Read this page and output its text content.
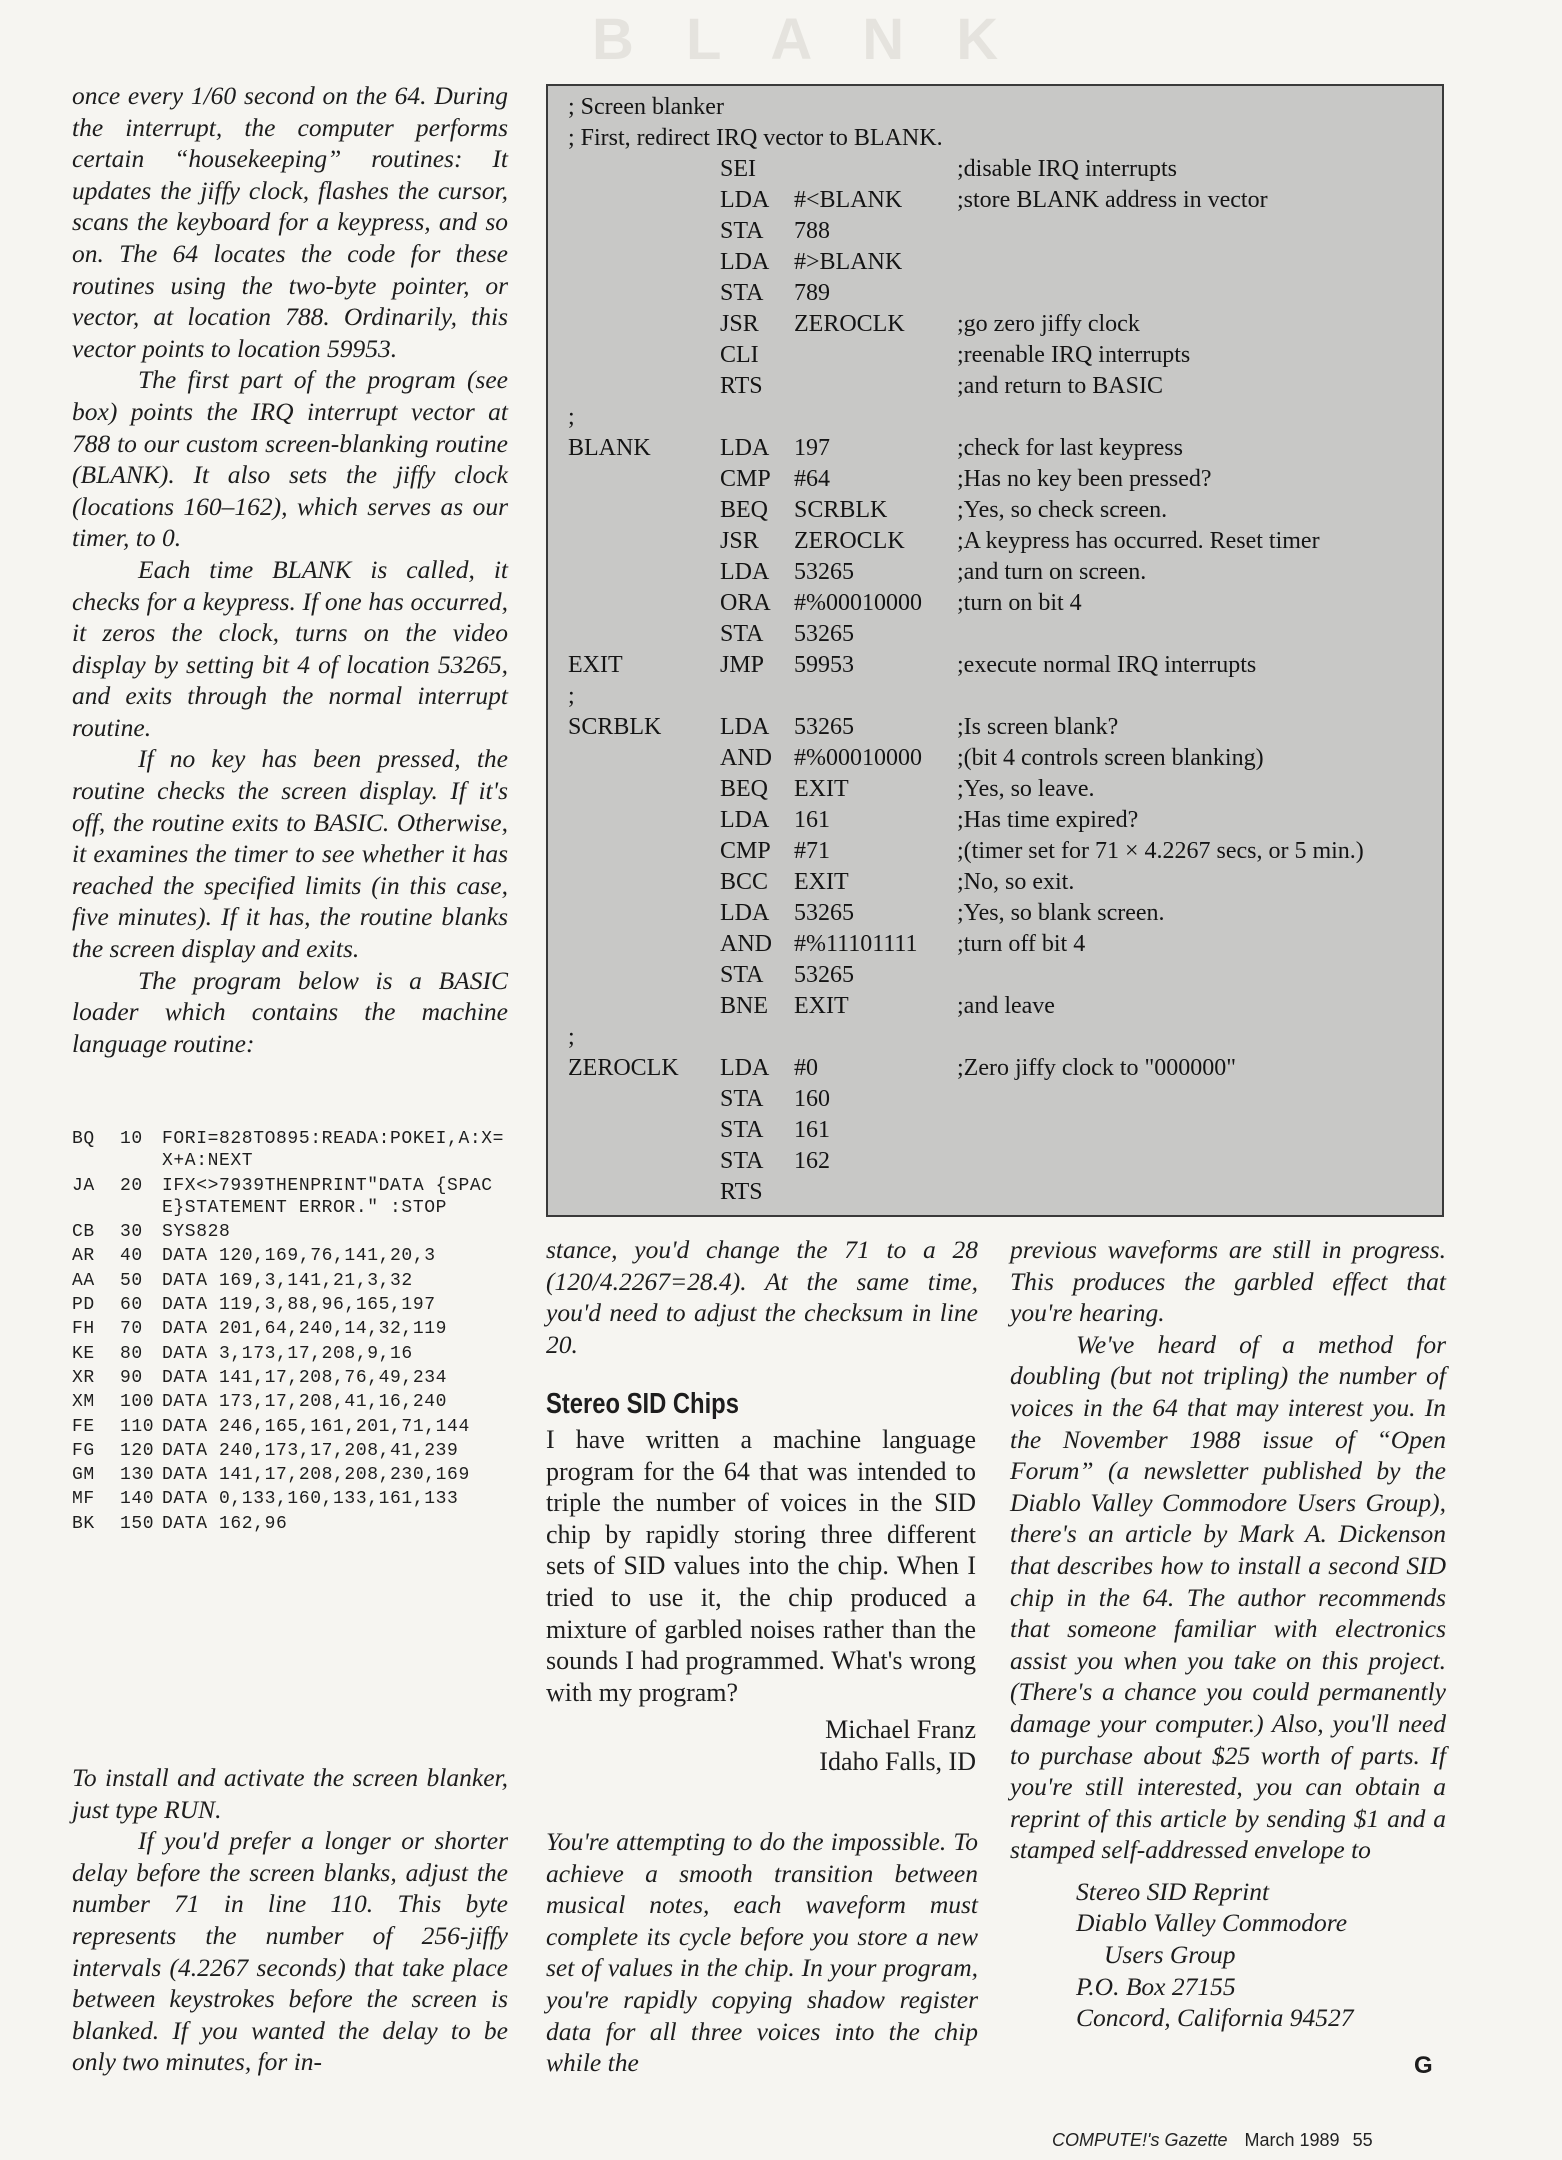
B L A N K

once every 1/60 second on the 64. During the interrupt, the computer performs certain “housekeeping” routines: It updates the jiffy clock, flashes the cursor, scans the keyboard for a keypress, and so on. The 64 locates the code for these routines using the two-byte pointer, or vector, at location 788. Ordinarily, this vector points to location 59953.

The first part of the program (see box) points the IRQ interrupt vector at 788 to our custom screen-blanking routine (BLANK). It also sets the jiffy clock (locations 160–162), which serves as our timer, to 0.

Each time BLANK is called, it checks for a keypress. If one has occurred, it zeros the clock, turns on the video display by setting bit 4 of location 53265, and exits through the normal interrupt routine.

If no key has been pressed, the routine checks the screen display. If it's off, the routine exits to BASIC. Otherwise, it examines the timer to see whether it has reached the specified limits (in this case, five minutes). If it has, the routine blanks the screen display and exits.

The program below is a BASIC loader which contains the machine language routine:

BQ	10	FORI=828TO895:READA:POKEI,A:X=X+A:NEXT
JA	20	IFX<>7939THENPRINT"DATA {SPACE}STATEMENT ERROR." :STOP
CB	30	SYS828
AR	40	DATA 120,169,76,141,20,3
AA	50	DATA 169,3,141,21,3,32
PD	60	DATA 119,3,88,96,165,197
FH	70	DATA 201,64,240,14,32,119
KE	80	DATA 3,173,17,208,9,16
XR	90	DATA 141,17,208,76,49,234
XM	100 DATA 173,17,208,41,16,240
FE	110 DATA 246,165,161,201,71,144
FG	120 DATA 240,173,17,208,41,239
GM	130 DATA 141,17,208,208,230,169
MF	140 DATA 0,133,160,133,161,133
BK	150 DATA 162,96

To install and activate the screen blanker, just type RUN.

If you'd prefer a longer or shorter delay before the screen blanks, adjust the number 71 in line 110. This byte represents the number of 256-jiffy intervals (4.2267 seconds) that take place between keystrokes before the screen is blanked. If you wanted the delay to be only two minutes, for in-

; Screen blanker
; First, redirect IRQ vector to BLANK.
SEI	;disable IRQ interrupts
LDA #<BLANK ;store BLANK address in vector
STA 788
LDA #>BLANK
STA 789
JSR ZEROCLK ;go zero jiffy clock
CLI	;reenable IRQ interrupts
RTS	;and return to BASIC
;
BLANK	LDA 197	;check for last keypress
CMP #64	;Has no key been pressed?
BEQ SCRBLK	;Yes, so check screen.
JSR ZEROCLK ;A keypress has occurred. Reset timer
LDA 53265	;and turn on screen.
ORA #%00010000 ;turn on bit 4
STA 53265
EXIT	JMP 59953	;execute normal IRQ interrupts
;
SCRBLK LDA 53265	;Is screen blank?
AND #%00010000 ;(bit 4 controls screen blanking)
BEQ EXIT	;Yes, so leave.
LDA 161	;Has time expired?
CMP #71	;(timer set for 71 × 4.2267 secs, or 5 min.)
BCC EXIT	;No, so exit.
LDA 53265	;Yes, so blank screen.
AND #%11101111 ;turn off bit 4
STA 53265
BNE EXIT	;and leave
;
ZEROCLK LDA #0	;Zero jiffy clock to "000000"
STA 160
STA 161
STA 162
RTS

stance, you'd change the 71 to a 28 (120/4.2267=28.4). At the same time, you'd need to adjust the checksum in line 20.

Stereo SID Chips

I have written a machine language program for the 64 that was intended to triple the number of voices in the SID chip by rapidly storing three different sets of SID values into the chip. When I tried to use it, the chip produced a mixture of garbled noises rather than the sounds I had programmed. What's wrong with my program?

Michael Franz
Idaho Falls, ID

You're attempting to do the impossible. To achieve a smooth transition between musical notes, each waveform must complete its cycle before you store a new set of values in the chip. In your program, you're rapidly copying shadow register data for all three voices into the chip while the

previous waveforms are still in progress. This produces the garbled effect that you're hearing.

We've heard of a method for doubling (but not tripling) the number of voices in the 64 that may interest you. In the November 1988 issue of “Open Forum” (a newsletter published by the Diablo Valley Commodore Users Group), there's an article by Mark A. Dickenson that describes how to install a second SID chip in the 64. The author recommends that someone familiar with electronics assist you when you take on this project. (There's a chance you could permanently damage your computer.) Also, you'll need to purchase about $25 worth of parts. If you're still interested, you can obtain a reprint of this article by sending $1 and a stamped self-addressed envelope to

Stereo SID Reprint

Diablo Valley Commodore

Users Group

P.O. Box 27155

Concord, California 94527

G
COMPUTE!'s Gazette March 1989 55
